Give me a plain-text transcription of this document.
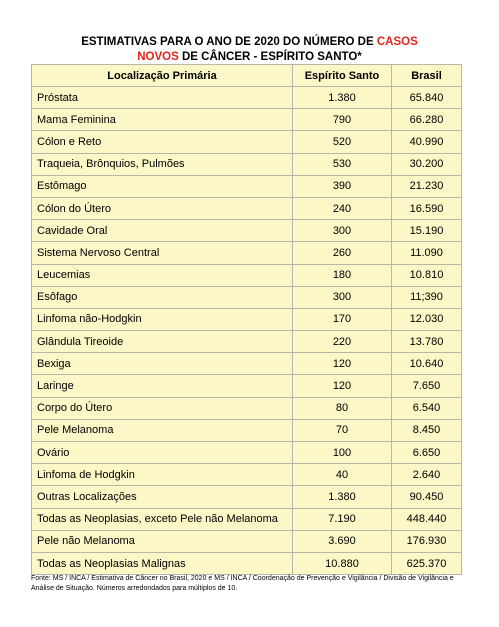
ESTIMATIVAS PARA O ANO DE 2020 DO NÚMERO DE CASOS
NOVOS DE CÂNCER - ESPÍRITO SANTO*
Localização Primária	Espírito Santo	Brasil
Próstata	1.380	65.840
Mama Feminina	790	66.280
Cólon e Reto	520	40.990
Traqueia, Brônquios, Pulmões	530	30.200
Estômago	390	21.230
Cólon do Útero	240	16.590
Cavidade Oral	300	15.190
Sistema Nervoso Central	260	11.090
Leucemias	180	10.810
Esôfago	300	11;390
Linfoma não-Hodgkin	170	12.030
Glândula Tireoide	220	13.780
Bexiga	120	10.640
Laringe	120	7.650
Corpo do Útero	80	6.540
Pele Melanoma	70	8.450
Ovário	100	6.650
Linfoma de Hodgkin	40	2.640
Outras Localizações	1.380	90.450
Todas as Neoplasias, exceto Pele não Melanoma	7.190	448.440
Pele não Melanoma	3.690	176.930
Todas as Neoplasias Malignas	10.880	625.370
Fonte: MS / INCA / Estimativa de Câncer no Brasil, 2020 e MS / INCA / Coordenação de Prevenção e Vigilância / Divisão de Vigilância e Análise de Situação. Números arredondados para múltiplos de 10.
